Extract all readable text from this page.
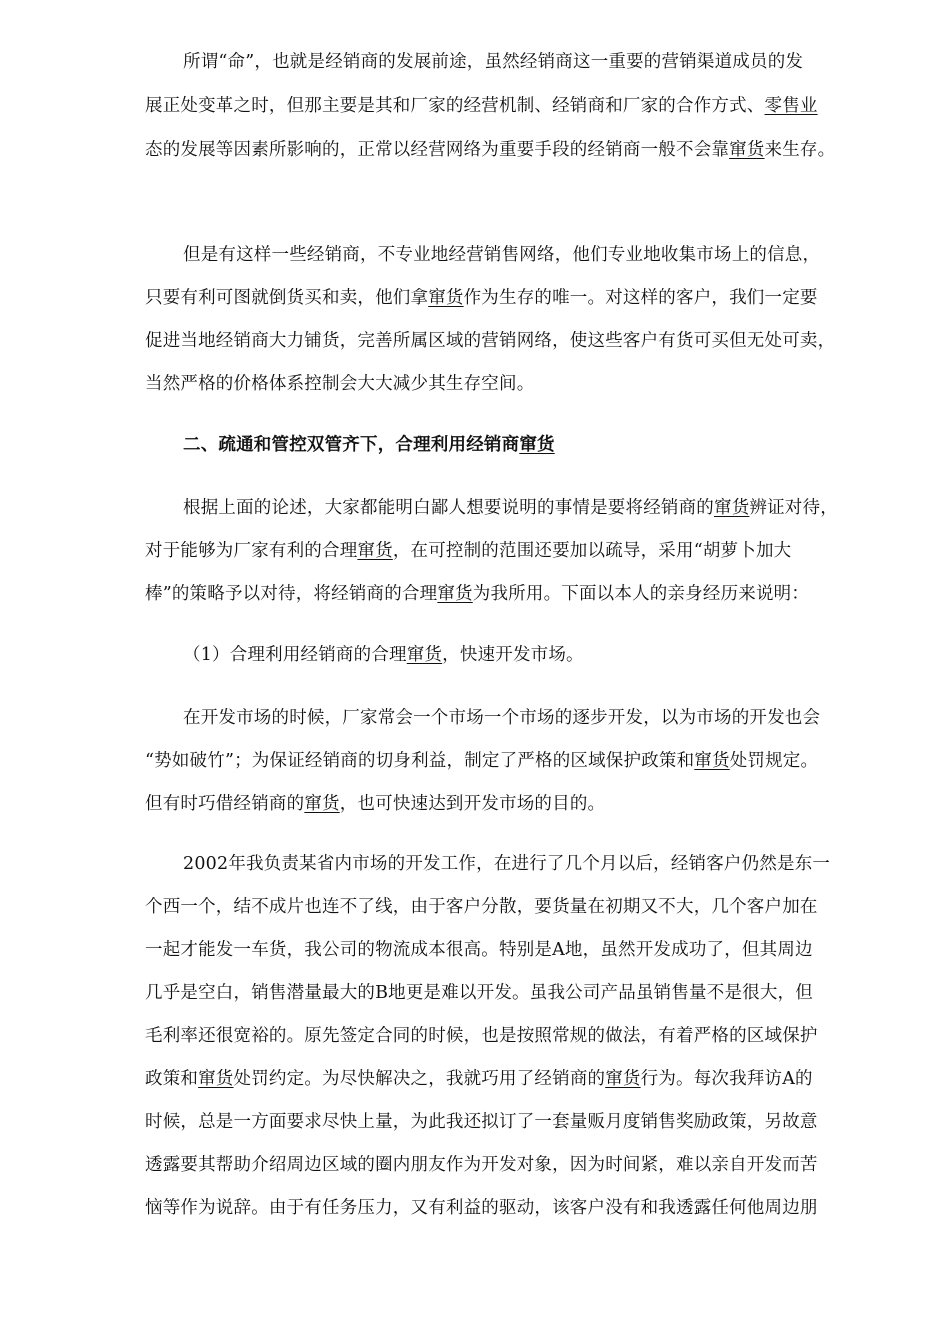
所谓“命”，也就是经销商的发展前途，虽然经销商这一重要的营销渠道成员的发
展正处变革之时，但那主要是其和厂家的经营机制、经销商和厂家的合作方式、零售业
态的发展等因素所影响的，正常以经营网络为重要手段的经销商一般不会靠窜货来生存。
但是有这样一些经销商，不专业地经营销售网络，他们专业地收集市场上的信息，
只要有利可图就倒货买和卖，他们拿窜货作为生存的唯一。对这样的客户，我们一定要
促进当地经销商大力铺货，完善所属区域的营销网络，使这些客户有货可买但无处可卖，
当然严格的价格体系控制会大大减少其生存空间。
二、疏通和管控双管齐下，合理利用经销商窜货
根据上面的论述，大家都能明白鄙人想要说明的事情是要将经销商的窜货辨证对待，
对于能够为厂家有利的合理窜货，在可控制的范围还要加以疏导，采用“胡萝卜加大
棒”的策略予以对待，将经销商的合理窜货为我所用。下面以本人的亲身经历来说明：
（1）合理利用经销商的合理窜货，快速开发市场。
在开发市场的时候，厂家常会一个市场一个市场的逐步开发，以为市场的开发也会
“势如破竹”；为保证经销商的切身利益，制定了严格的区域保护政策和窜货处罚规定。
但有时巧借经销商的窜货，也可快速达到开发市场的目的。
2002年我负责某省内市场的开发工作，在进行了几个月以后，经销客户仍然是东一
个西一个，结不成片也连不了线，由于客户分散，要货量在初期又不大，几个客户加在
一起才能发一车货，我公司的物流成本很高。特别是A地，虽然开发成功了，但其周边
几乎是空白，销售潜量最大的B地更是难以开发。虽我公司产品虽销售量不是很大，但
毛利率还很宽裕的。原先签定合同的时候，也是按照常规的做法，有着严格的区域保护
政策和窜货处罚约定。为尽快解决之，我就巧用了经销商的窜货行为。每次我拜访A的
时候，总是一方面要求尽快上量，为此我还拟订了一套量贩月度销售奖励政策，另故意
透露要其帮助介绍周边区域的圈内朋友作为开发对象，因为时间紧，难以亲自开发而苦
恼等作为说辞。由于有任务压力，又有利益的驱动，该客户没有和我透露任何他周边朋
